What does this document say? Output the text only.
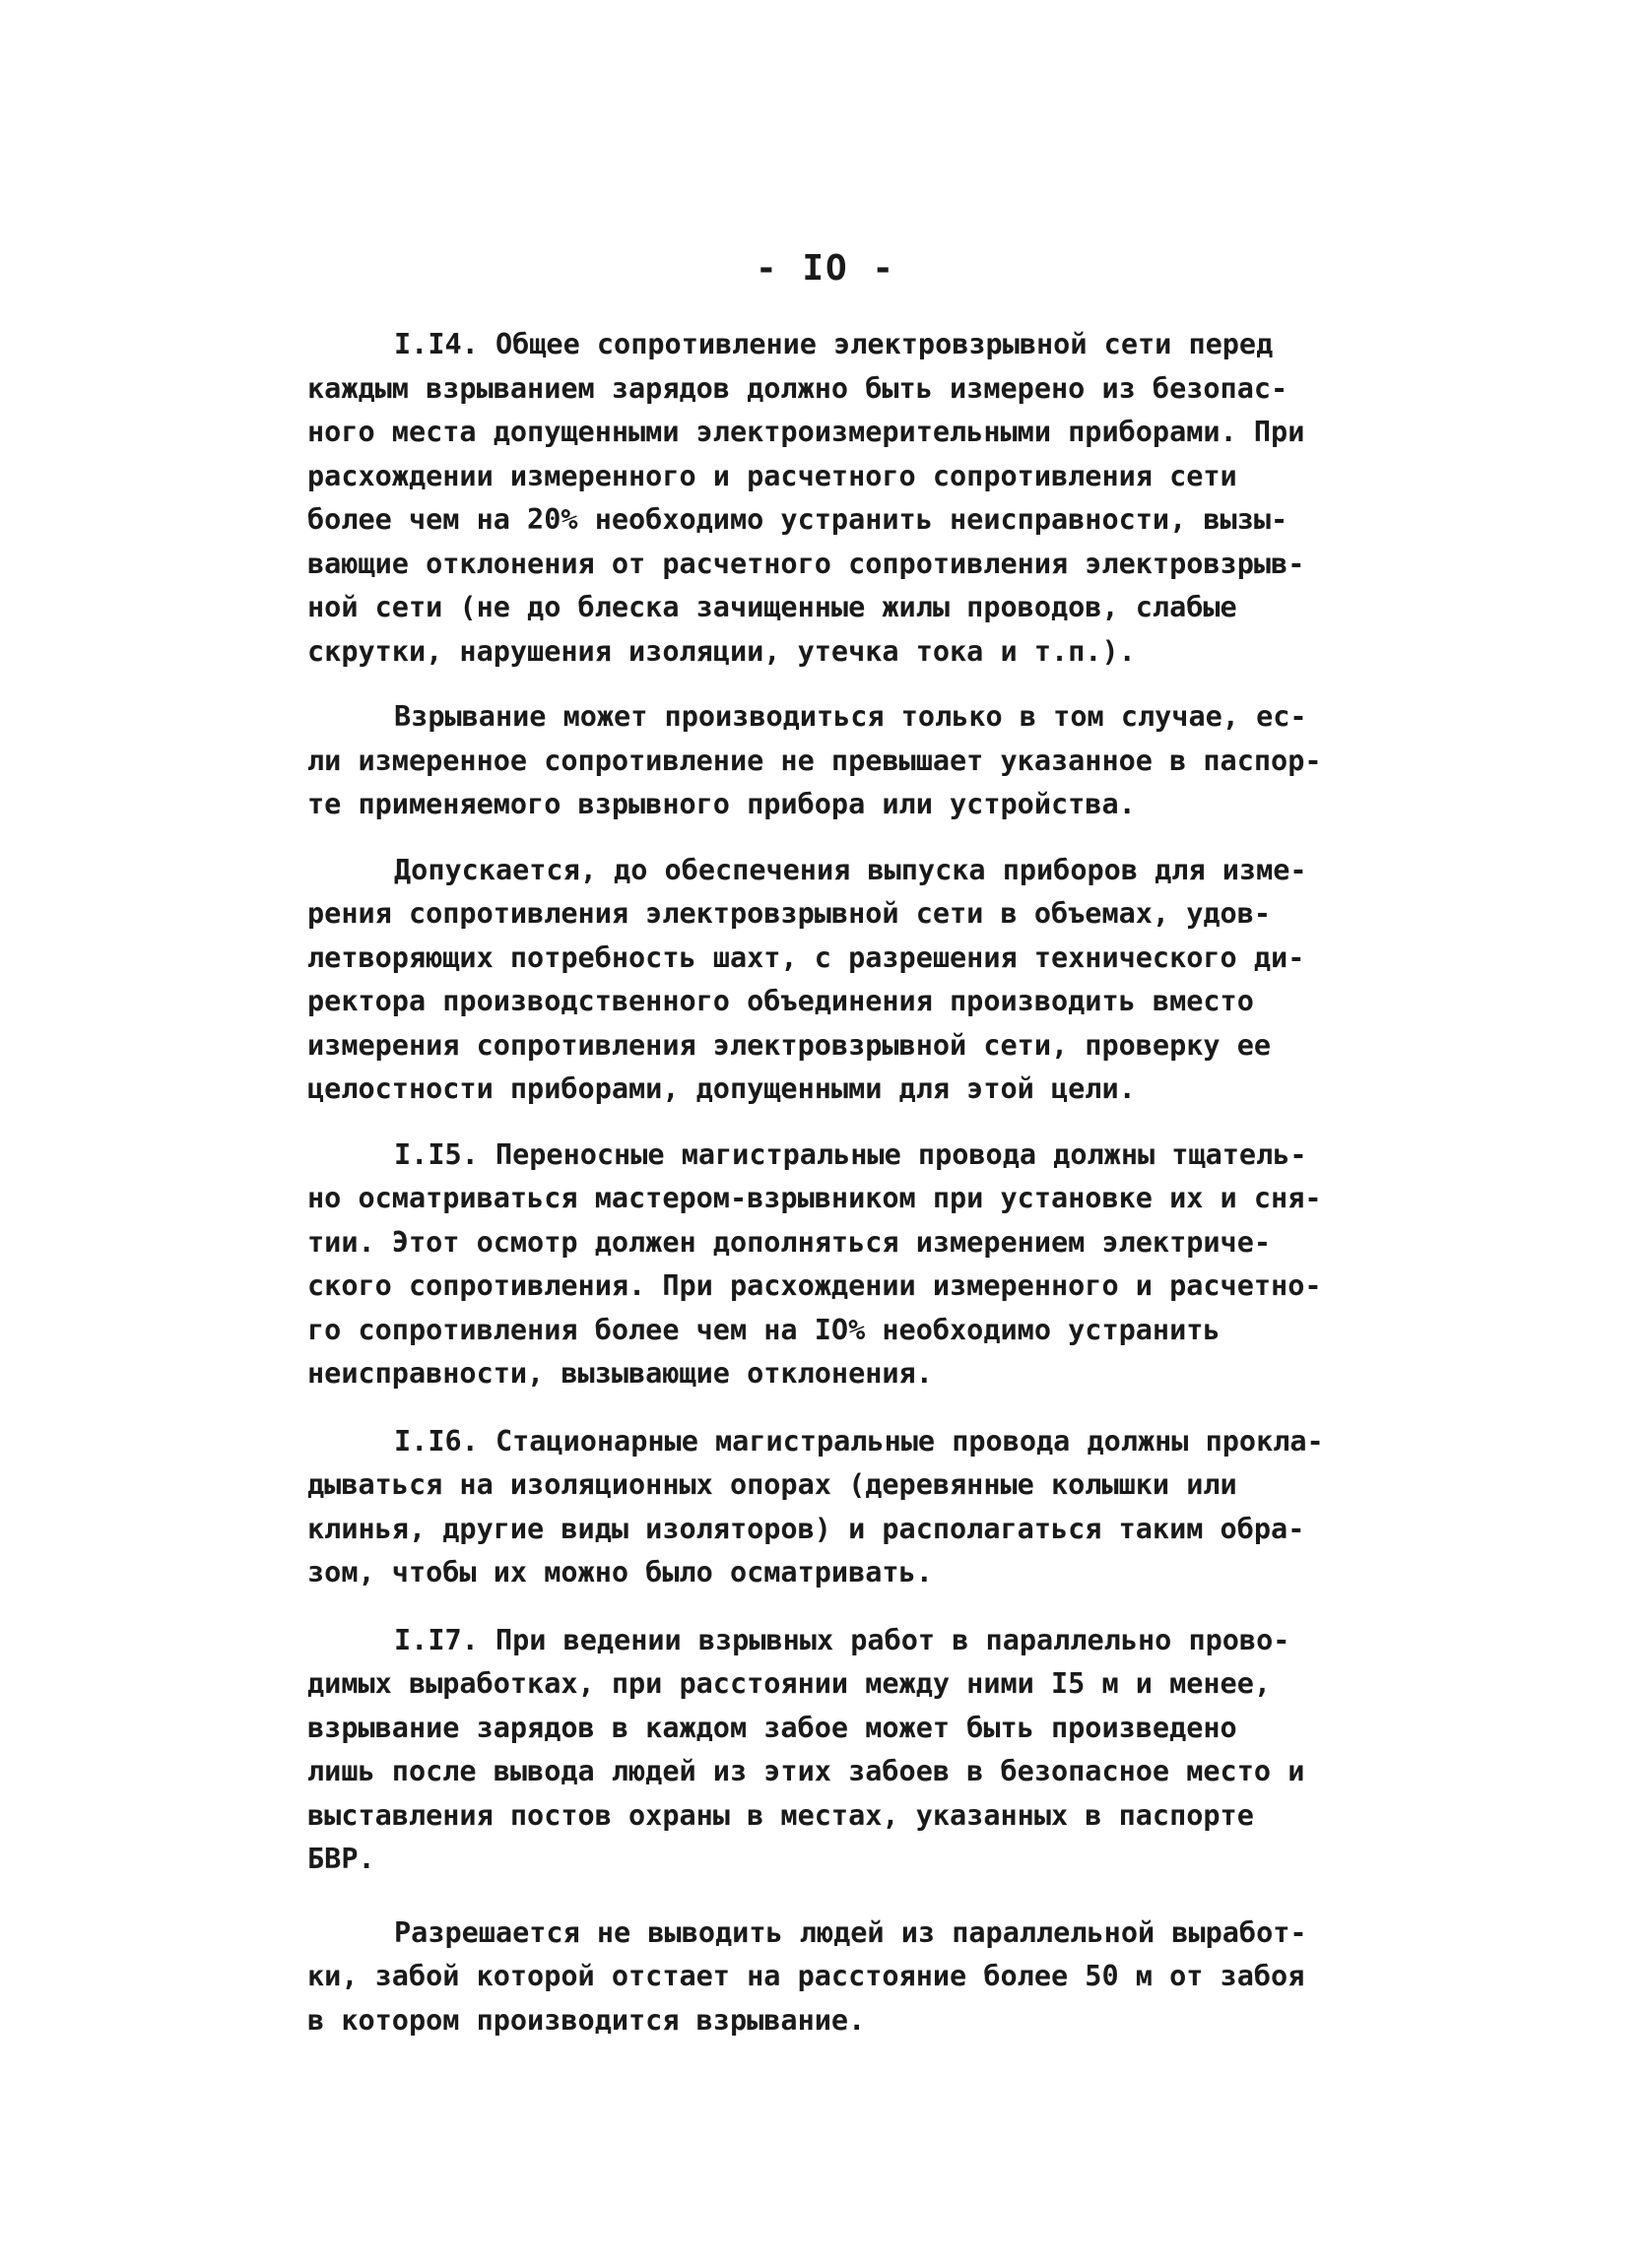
- IO -
I.I4. Общее сопротивление электровзрывной сети перед
каждым взрыванием зарядов должно быть измерено из безопас-
ного места допущенными электроизмерительными приборами. При
расхождении измеренного и расчетного сопротивления сети
более чем на 20% необходимо устранить неисправности, вызы-
вающие отклонения от расчетного сопротивления электровзрыв-
ной сети (не до блеска зачищенные жилы проводов, слабые
скрутки, нарушения изоляции, утечка тока и т.п.).
Взрывание может производиться только в том случае, ес-
ли измеренное сопротивление не превышает указанное в паспор-
те применяемого взрывного прибора или устройства.
Допускается, до обеспечения выпуска приборов для изме-
рения сопротивления электровзрывной сети в объемах, удов-
летворяющих потребность шахт, с разрешения технического ди-
ректора производственного объединения производить вместо
измерения сопротивления электровзрывной сети, проверку ее
целостности приборами, допущенными для этой цели.
I.I5. Переносные магистральные провода должны тщатель-
но осматриваться мастером-взрывником при установке их и сня-
тии. Этот осмотр должен дополняться измерением электриче-
ского сопротивления. При расхождении измеренного и расчетно-
го сопротивления более чем на IO% необходимо устранить
неисправности, вызывающие отклонения.
I.I6. Стационарные магистральные провода должны прокла-
дываться на изоляционных опорах (деревянные колышки или
клинья, другие виды изоляторов) и располагаться таким обра-
зом, чтобы их можно было осматривать.
I.I7. При ведении взрывных работ в параллельно прово-
димых выработках, при расстоянии между ними I5 м и менее,
взрывание зарядов в каждом забое может быть произведено
лишь после вывода людей из этих забоев в безопасное место и
выставления постов охраны в местах, указанных в паспорте
БВР.
Разрешается не выводить людей из параллельной выработ-
ки, забой которой отстает на расстояние более 50 м от забоя
в котором производится взрывание.
